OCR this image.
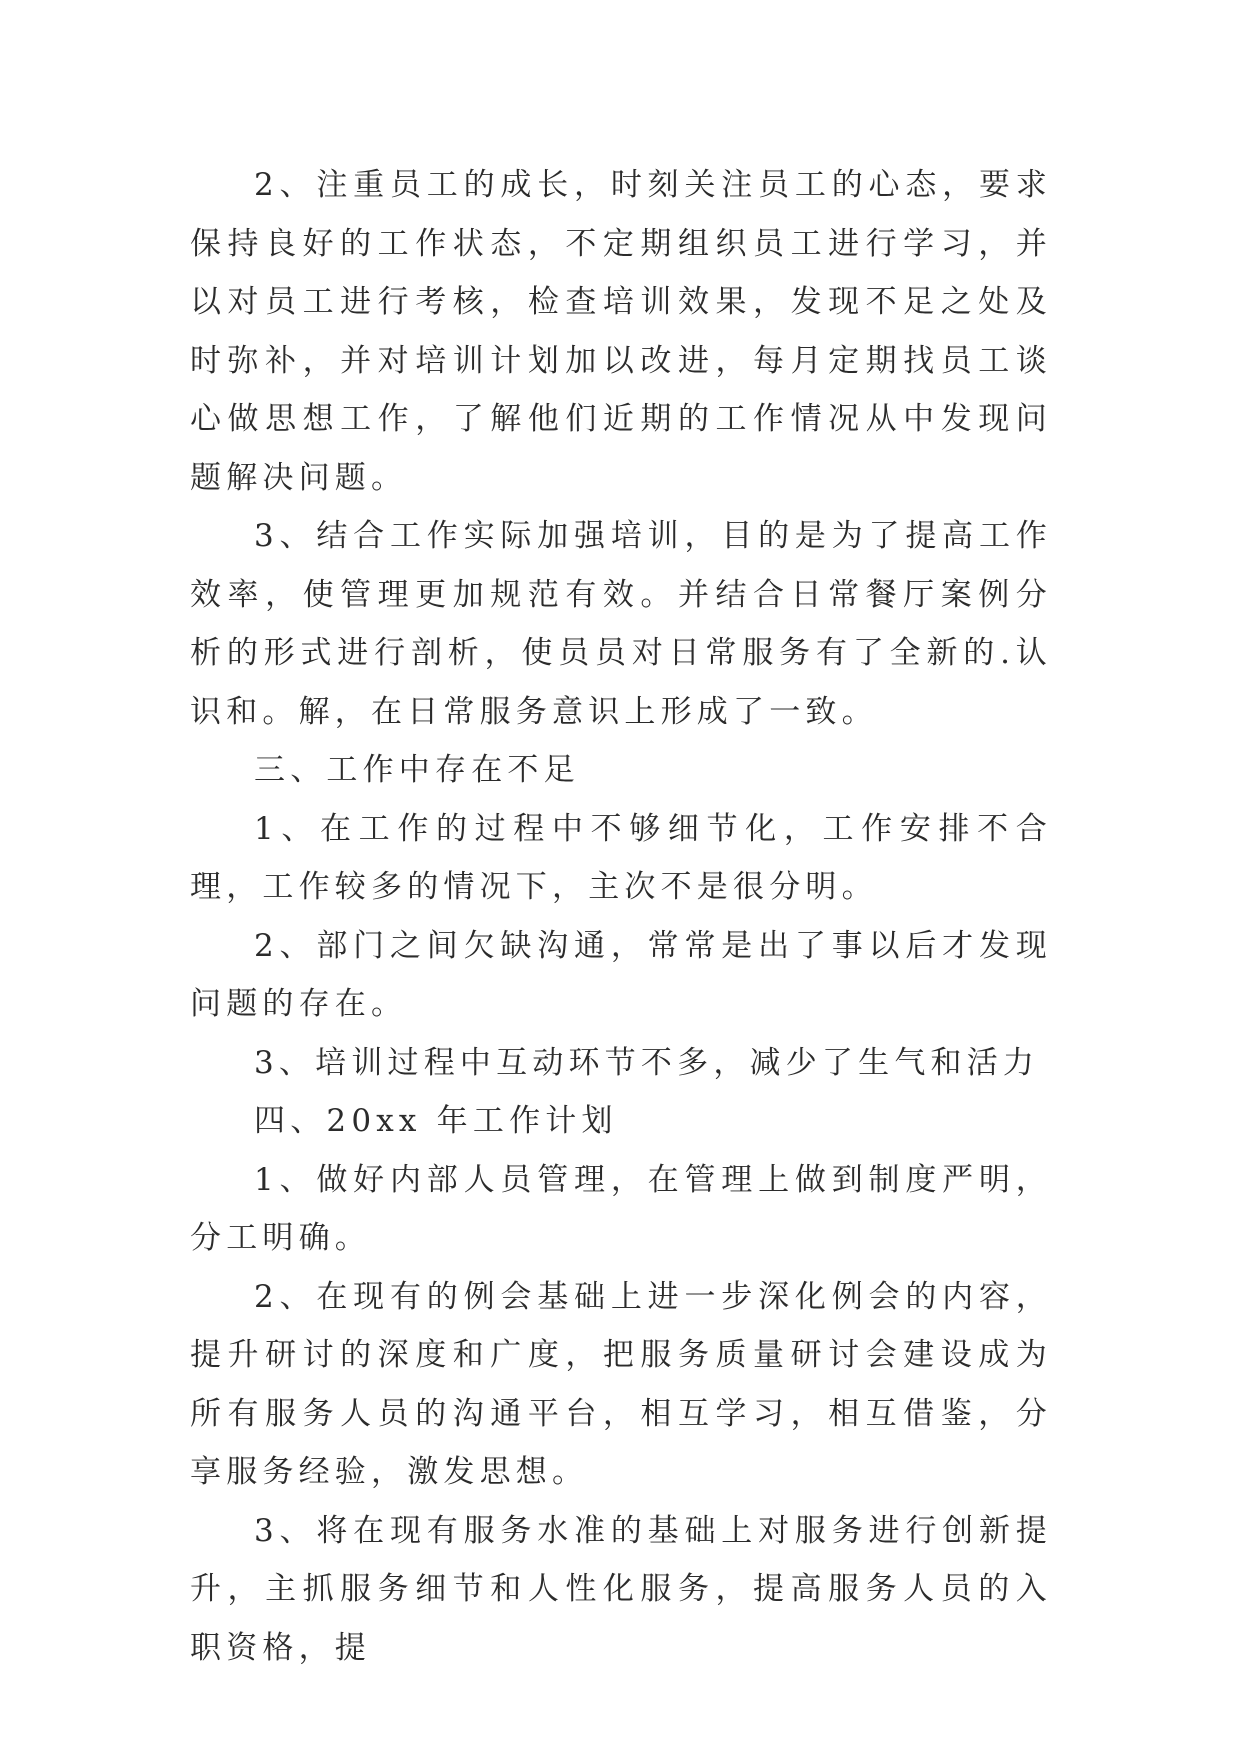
2、注重员工的成长，时刻关注员工的心态，要求保持良好的工作状态，不定期组织员工进行学习，并以对员工进行考核，检查培训效果，发现不足之处及时弥补，并对培训计划加以改进，每月定期找员工谈心做思想工作，了解他们近期的工作情况从中发现问题解决问题。

3、结合工作实际加强培训，目的是为了提高工作效率，使管理更加规范有效。并结合日常餐厅案例分析的形式进行剖析，使员员对日常服务有了全新的.认识和。解，在日常服务意识上形成了一致。

三、工作中存在不足

1、在工作的过程中不够细节化，工作安排不合理，工作较多的情况下，主次不是很分明。

2、部门之间欠缺沟通，常常是出了事以后才发现问题的存在。

3、培训过程中互动环节不多，减少了生气和活力

四、20xx 年工作计划

1、做好内部人员管理，在管理上做到制度严明，分工明确。

2、在现有的例会基础上进一步深化例会的内容，提升研讨的深度和广度，把服务质量研讨会建设成为所有服务人员的沟通平台，相互学习，相互借鉴，分享服务经验，激发思想。

3、将在现有服务水准的基础上对服务进行创新提升，主抓服务细节和人性化服务，提高服务人员的入职资格，提
